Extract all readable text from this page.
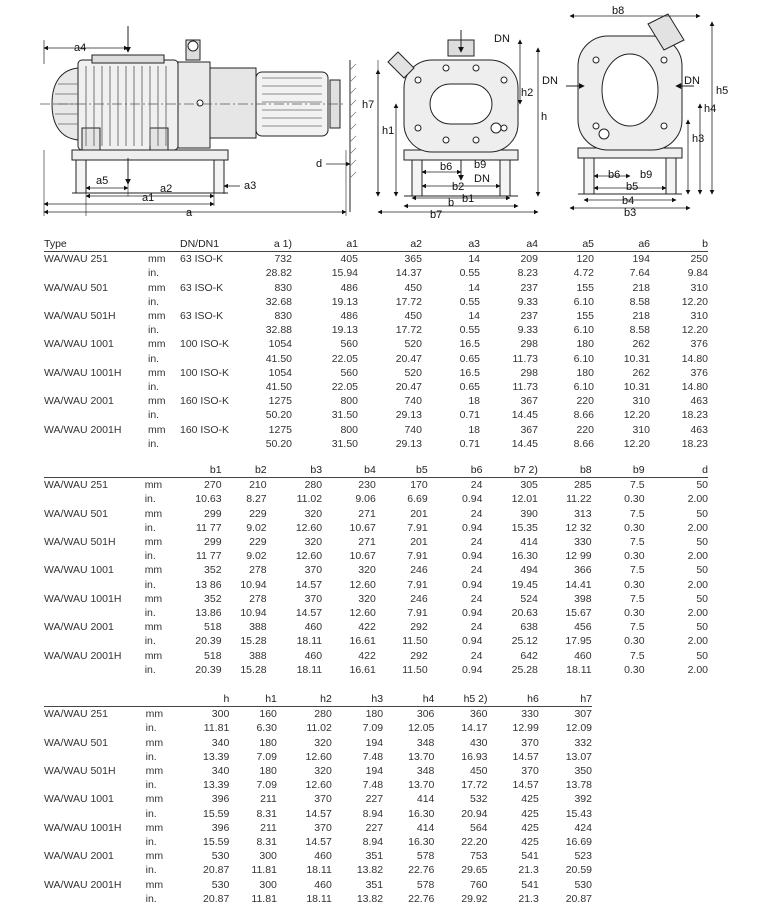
a4
a5
a2	a3
a1
a
d
DN
h7
h2
h1
h
b9
DN
b6
b2
b1
b
b7
b8
DN	DN
h5
h4
h3
b6 b9
b5
b4
b3
Type		DN/DN1	a 1)	a1	a2	a3	a4	a5	a6	b
WA/WAU 251	mm	63 ISO-K	732	405	365	14	209	120	194	250
	in.		28.82	15.94	14.37	0.55	8.23	4.72	7.64	9.84
WA/WAU 501	mm	63 ISO-K	830	486	450	14	237	155	218	310
	in.		32.68	19.13	17.72	0.55	9.33	6.10	8.58	12.20
WA/WAU 501H	mm	63 ISO-K	830	486	450	14	237	155	218	310
	in.		32.88	19.13	17.72	0.55	9.33	6.10	8.58	12.20
WA/WAU 1001	mm	100 ISO-K	1054	560	520	16.5	298	180	262	376
	in.		41.50	22.05	20.47	0.65	11.73	6.10	10.31	14.80
WA/WAU 1001H	mm	100 ISO-K	1054	560	520	16.5	298	180	262	376
	in.		41.50	22.05	20.47	0.65	11.73	6.10	10.31	14.80
WA/WAU 2001	mm	160 ISO-K	1275	800	740	18	367	220	310	463
	in.		50.20	31.50	29.13	0.71	14.45	8.66	12.20	18.23
WA/WAU 2001H	mm	160 ISO-K	1275	800	740	18	367	220	310	463
	in.		50.20	31.50	29.13	0.71	14.45	8.66	12.20	18.23
		b1	b2	b3	b4	b5	b6	b7 2)	b8	b9	d
WA/WAU 251	mm	270	210	280	230	170	24	305	285	7.5	50
	in.	10.63	8.27	11.02	9.06	6.69	0.94	12.01	11.22	0.30	2.00
WA/WAU 501	mm	299	229	320	271	201	24	390	313	7.5	50
	in.	11 77	9.02	12.60	10.67	7.91	0.94	15.35	12 32	0.30	2.00
WA/WAU 501H	mm	299	229	320	271	201	24	414	330	7.5	50
	in.	11 77	9.02	12.60	10.67	7.91	0.94	16.30	12 99	0.30	2.00
WA/WAU 1001	mm	352	278	370	320	246	24	494	366	7.5	50
	in.	13 86	10.94	14.57	12.60	7.91	0.94	19.45	14.41	0.30	2.00
WA/WAU 1001H	mm	352	278	370	320	246	24	524	398	7.5	50
	in.	13.86	10.94	14.57	12.60	7.91	0.94	20.63	15.67	0.30	2.00
WA/WAU 2001	mm	518	388	460	422	292	24	638	456	7.5	50
	in.	20.39	15.28	18.11	16.61	11.50	0.94	25.12	17.95	0.30	2.00
WA/WAU 2001H	mm	518	388	460	422	292	24	642	460	7.5	50
	in.	20.39	15.28	18.11	16.61	11.50	0.94	25.28	18.11	0.30	2.00
		h	h1	h2	h3	h4	h5 2)	h6	h7
WA/WAU 251	mm	300	160	280	180	306	360	330	307
	in.	11.81	6.30	11.02	7.09	12.05	14.17	12.99	12.09
WA/WAU 501	mm	340	180	320	194	348	430	370	332
	in.	13.39	7.09	12.60	7.48	13.70	16.93	14.57	13.07
WA/WAU 501H	mm	340	180	320	194	348	450	370	350
	in.	13.39	7.09	12.60	7.48	13.70	17.72	14.57	13.78
WA/WAU 1001	mm	396	211	370	227	414	532	425	392
	in.	15.59	8.31	14.57	8.94	16.30	20.94	425	15.43
WA/WAU 1001H	mm	396	211	370	227	414	564	425	424
	in.	15.59	8.31	14.57	8.94	16.30	22.20	425	16.69
WA/WAU 2001	mm	530	300	460	351	578	753	541	523
	in.	20.87	11.81	18.11	13.82	22.76	29.65	21.3	20.59
WA/WAU 2001H	mm	530	300	460	351	578	760	541	530
	in.	20.87	11.81	18.11	13.82	22.76	29.92	21.3	20.87
